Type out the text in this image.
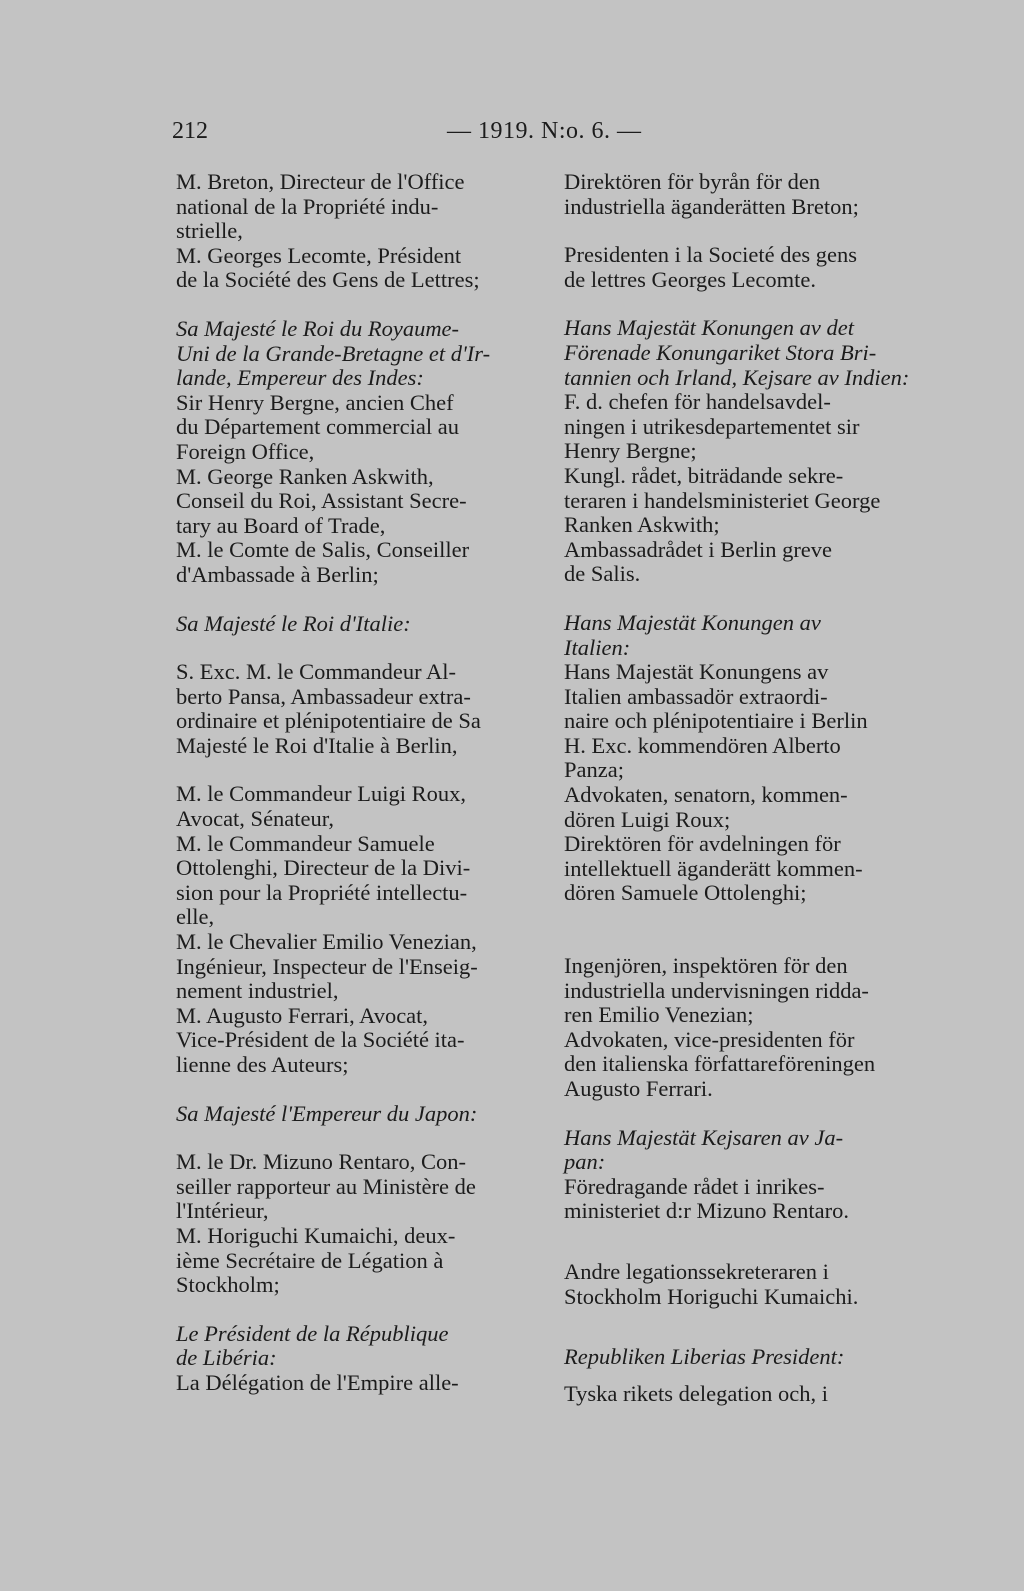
212	— 1919. N:o. 6. —
M. Breton, Directeur de l'Office
national de la Propriété indu-
strielle,
M. Georges Lecomte, Président
de la Société des Gens de Lettres;
Sa Majesté le Roi du Royaume-
Uni de la Grande-Bretagne et d'Ir-
lande, Empereur des Indes:
Sir Henry Bergne, ancien Chef
du Département commercial au
Foreign Office,
M. George Ranken Askwith,
Conseil du Roi, Assistant Secre-
tary au Board of Trade,
M. le Comte de Salis, Conseiller
d'Ambassade à Berlin;
Sa Majesté le Roi d'Italie:
S. Exc. M. le Commandeur Al-
berto Pansa, Ambassadeur extra-
ordinaire et plénipotentiaire de Sa
Majesté le Roi d'Italie à Berlin,
M. le Commandeur Luigi Roux,
Avocat, Sénateur,
M. le Commandeur Samuele
Ottolenghi, Directeur de la Divi-
sion pour la Propriété intellectu-
elle,
M. le Chevalier Emilio Venezian,
Ingénieur, Inspecteur de l'Enseig-
nement industriel,
M. Augusto Ferrari, Avocat,
Vice-Président de la Société ita-
lienne des Auteurs;
Sa Majesté l'Empereur du Japon:
M. le Dr. Mizuno Rentaro, Con-
seiller rapporteur au Ministère de
l'Intérieur,
M. Horiguchi Kumaichi, deux-
ième Secrétaire de Légation à
Stockholm;
Le Président de la République
de Libéria:
La Délégation de l'Empire alle-
Direktören för byrån för den
industriella äganderätten Breton;
Presidenten i la Societé des gens
de lettres Georges Lecomte.
Hans Majestät Konungen av det
Förenade Konungariket Stora Bri-
tannien och Irland, Kejsare av Indien:
F. d. chefen för handelsavdel-
ningen i utrikesdepartementet sir
Henry Bergne;
Kungl. rådet, biträdande sekre-
teraren i handelsministeriet George
Ranken Askwith;
Ambassadrådet i Berlin greve
de Salis.
Hans Majestät Konungen av
Italien:
Hans Majestät Konungens av
Italien ambassadör extraordi-
naire och plénipotentiaire i Berlin
H. Exc. kommendören Alberto
Panza;
Advokaten, senatorn, kommen-
dören Luigi Roux;
Direktören för avdelningen för
intellektuell äganderätt kommen-
dören Samuele Ottolenghi;
Ingenjören, inspektören för den
industriella undervisningen ridda-
ren Emilio Venezian;
Advokaten, vice-presidenten för
den italienska författareföreningen
Augusto Ferrari.
Hans Majestät Kejsaren av Ja-
pan:
Föredragande rådet i inrikes-
ministeriet d:r Mizuno Rentaro.
Andre legationssekreteraren i
Stockholm Horiguchi Kumaichi.
Republiken Liberias President:
Tyska rikets delegation och, i
